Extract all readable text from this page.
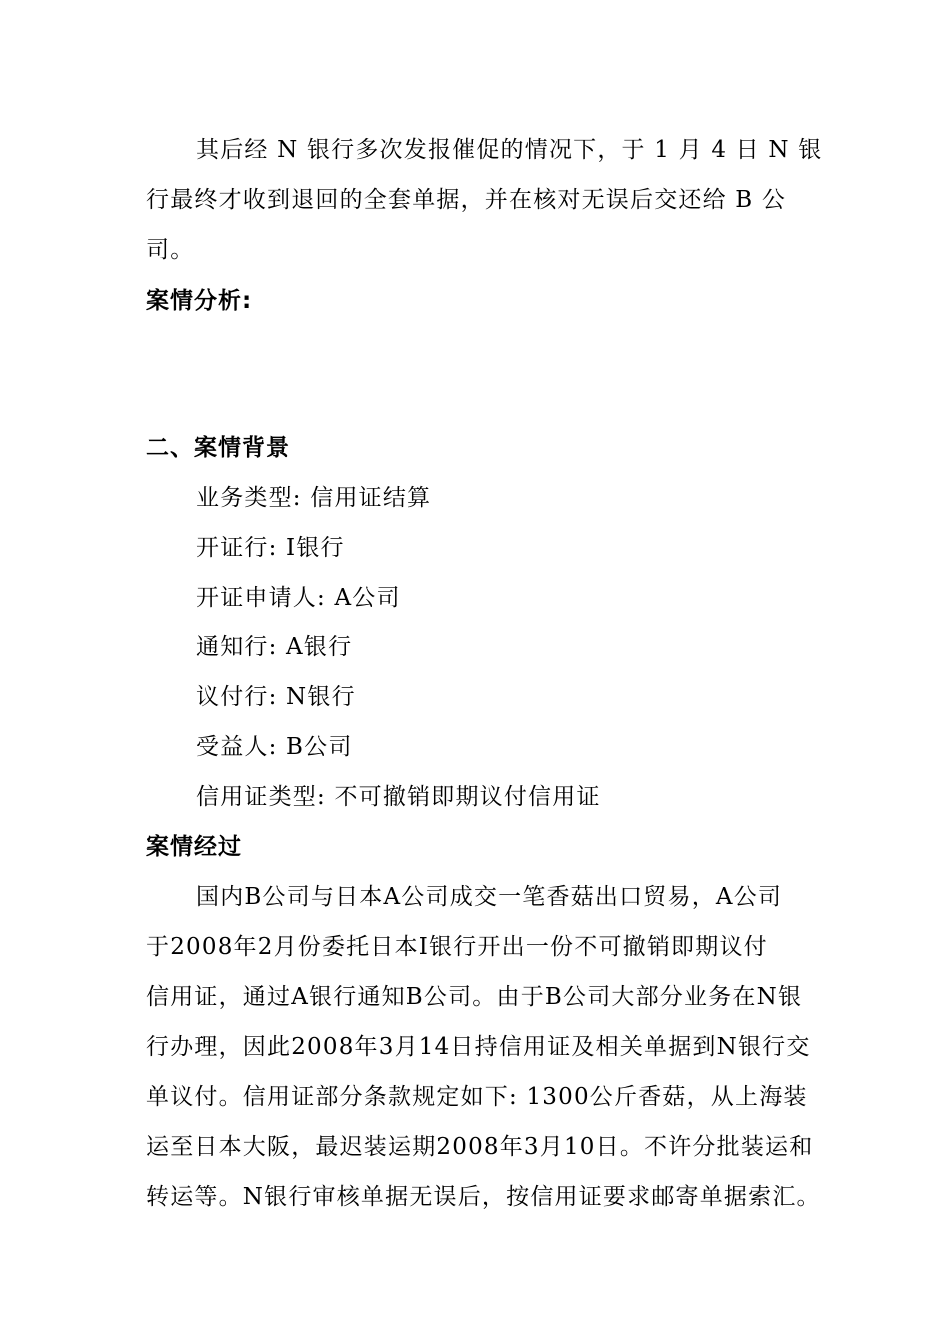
其后经 N 银行多次发报催促的情况下，于 1 月 4 日 N 银
行最终才收到退回的全套单据，并在核对无误后交还给 B 公
司。
案情分析:
二、案情背景
业务类型: 信用证结算
开证行: I银行
开证申请人: A公司
通知行: A银行
议付行: N银行
受益人: B公司
信用证类型: 不可撤销即期议付信用证
案情经过
国内B公司与日本A公司成交一笔香菇出口贸易，A公司
于2008年2月份委托日本I银行开出一份不可撤销即期议付
信用证，通过A银行通知B公司。由于B公司大部分业务在N银
行办理，因此2008年3月14日持信用证及相关单据到N银行交
单议付。信用证部分条款规定如下: 1300公斤香菇，从上海装
运至日本大阪，最迟装运期2008年3月10日。不许分批装运和
转运等。N银行审核单据无误后，按信用证要求邮寄单据索汇。
